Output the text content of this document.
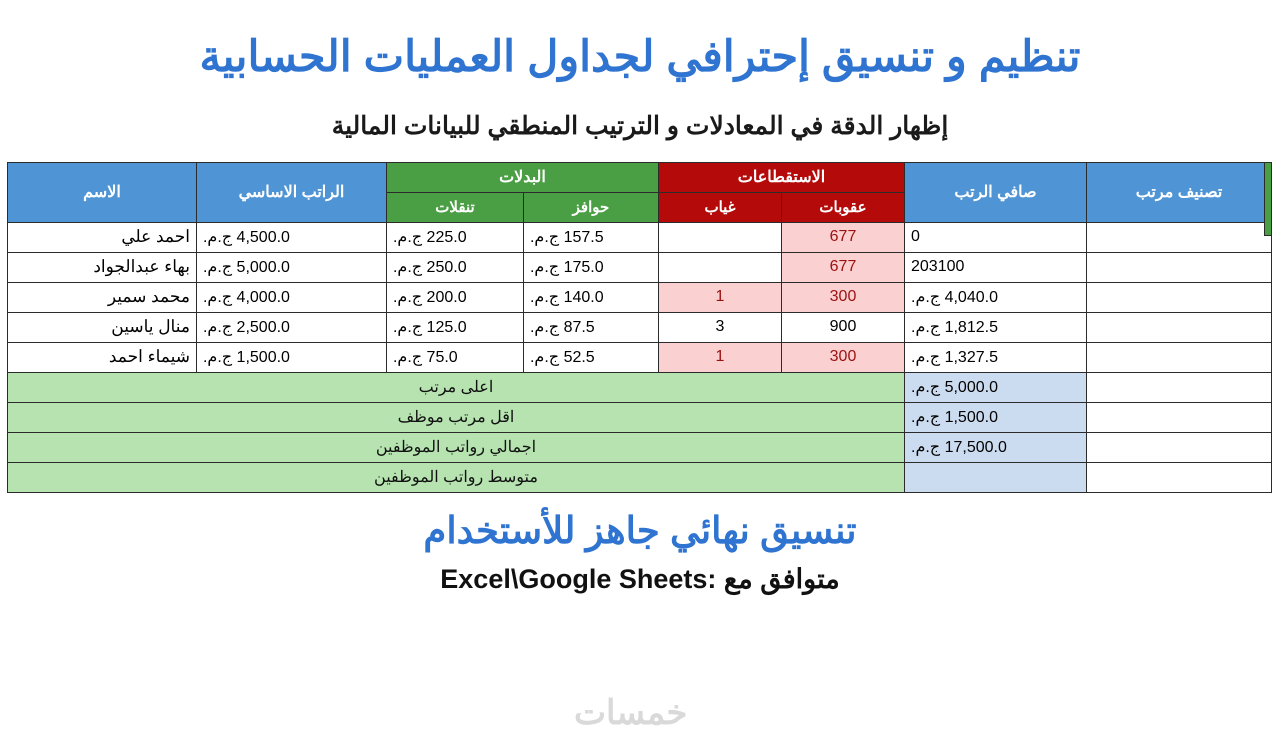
تنظيم و تنسيق إحترافي لجداول العمليات الحسابية
إظهار الدقة في المعادلات و الترتيب المنطقي للبيانات المالية
تصنيف مرتب	صافي الرتب	الاستقطاعات		البدلات		الراتب الاساسي	الاسم
		عقوبات	غياب	حوافز	تنقلات		
	0	677		157.5 ج.م.	225.0 ج.م.	4,500.0 ج.م.	احمد علي
	203100	677		175.0 ج.م.	250.0 ج.م.	5,000.0 ج.م.	بهاء عبدالجواد
	4,040.0 ج.م.	300	1	140.0 ج.م.	200.0 ج.م.	4,000.0 ج.م.	محمد سمير
	1,812.5 ج.م.	900	3	87.5 ج.م.	125.0 ج.م.	2,500.0 ج.م.	منال ياسين
	1,327.5 ج.م.	300	1	52.5 ج.م.	75.0 ج.م.	1,500.0 ج.م.	شيماء احمد
	5,000.0 ج.م.	اعلى مرتب					
	1,500.0 ج.م.	اقل مرتب موظف					
	17,500.0 ج.م.	اجمالي رواتب الموظفين					
		متوسط رواتب الموظفين					
تنسيق نهائي جاهز للأستخدام
متوافق مع :Excel\Google Sheets
خمسات
